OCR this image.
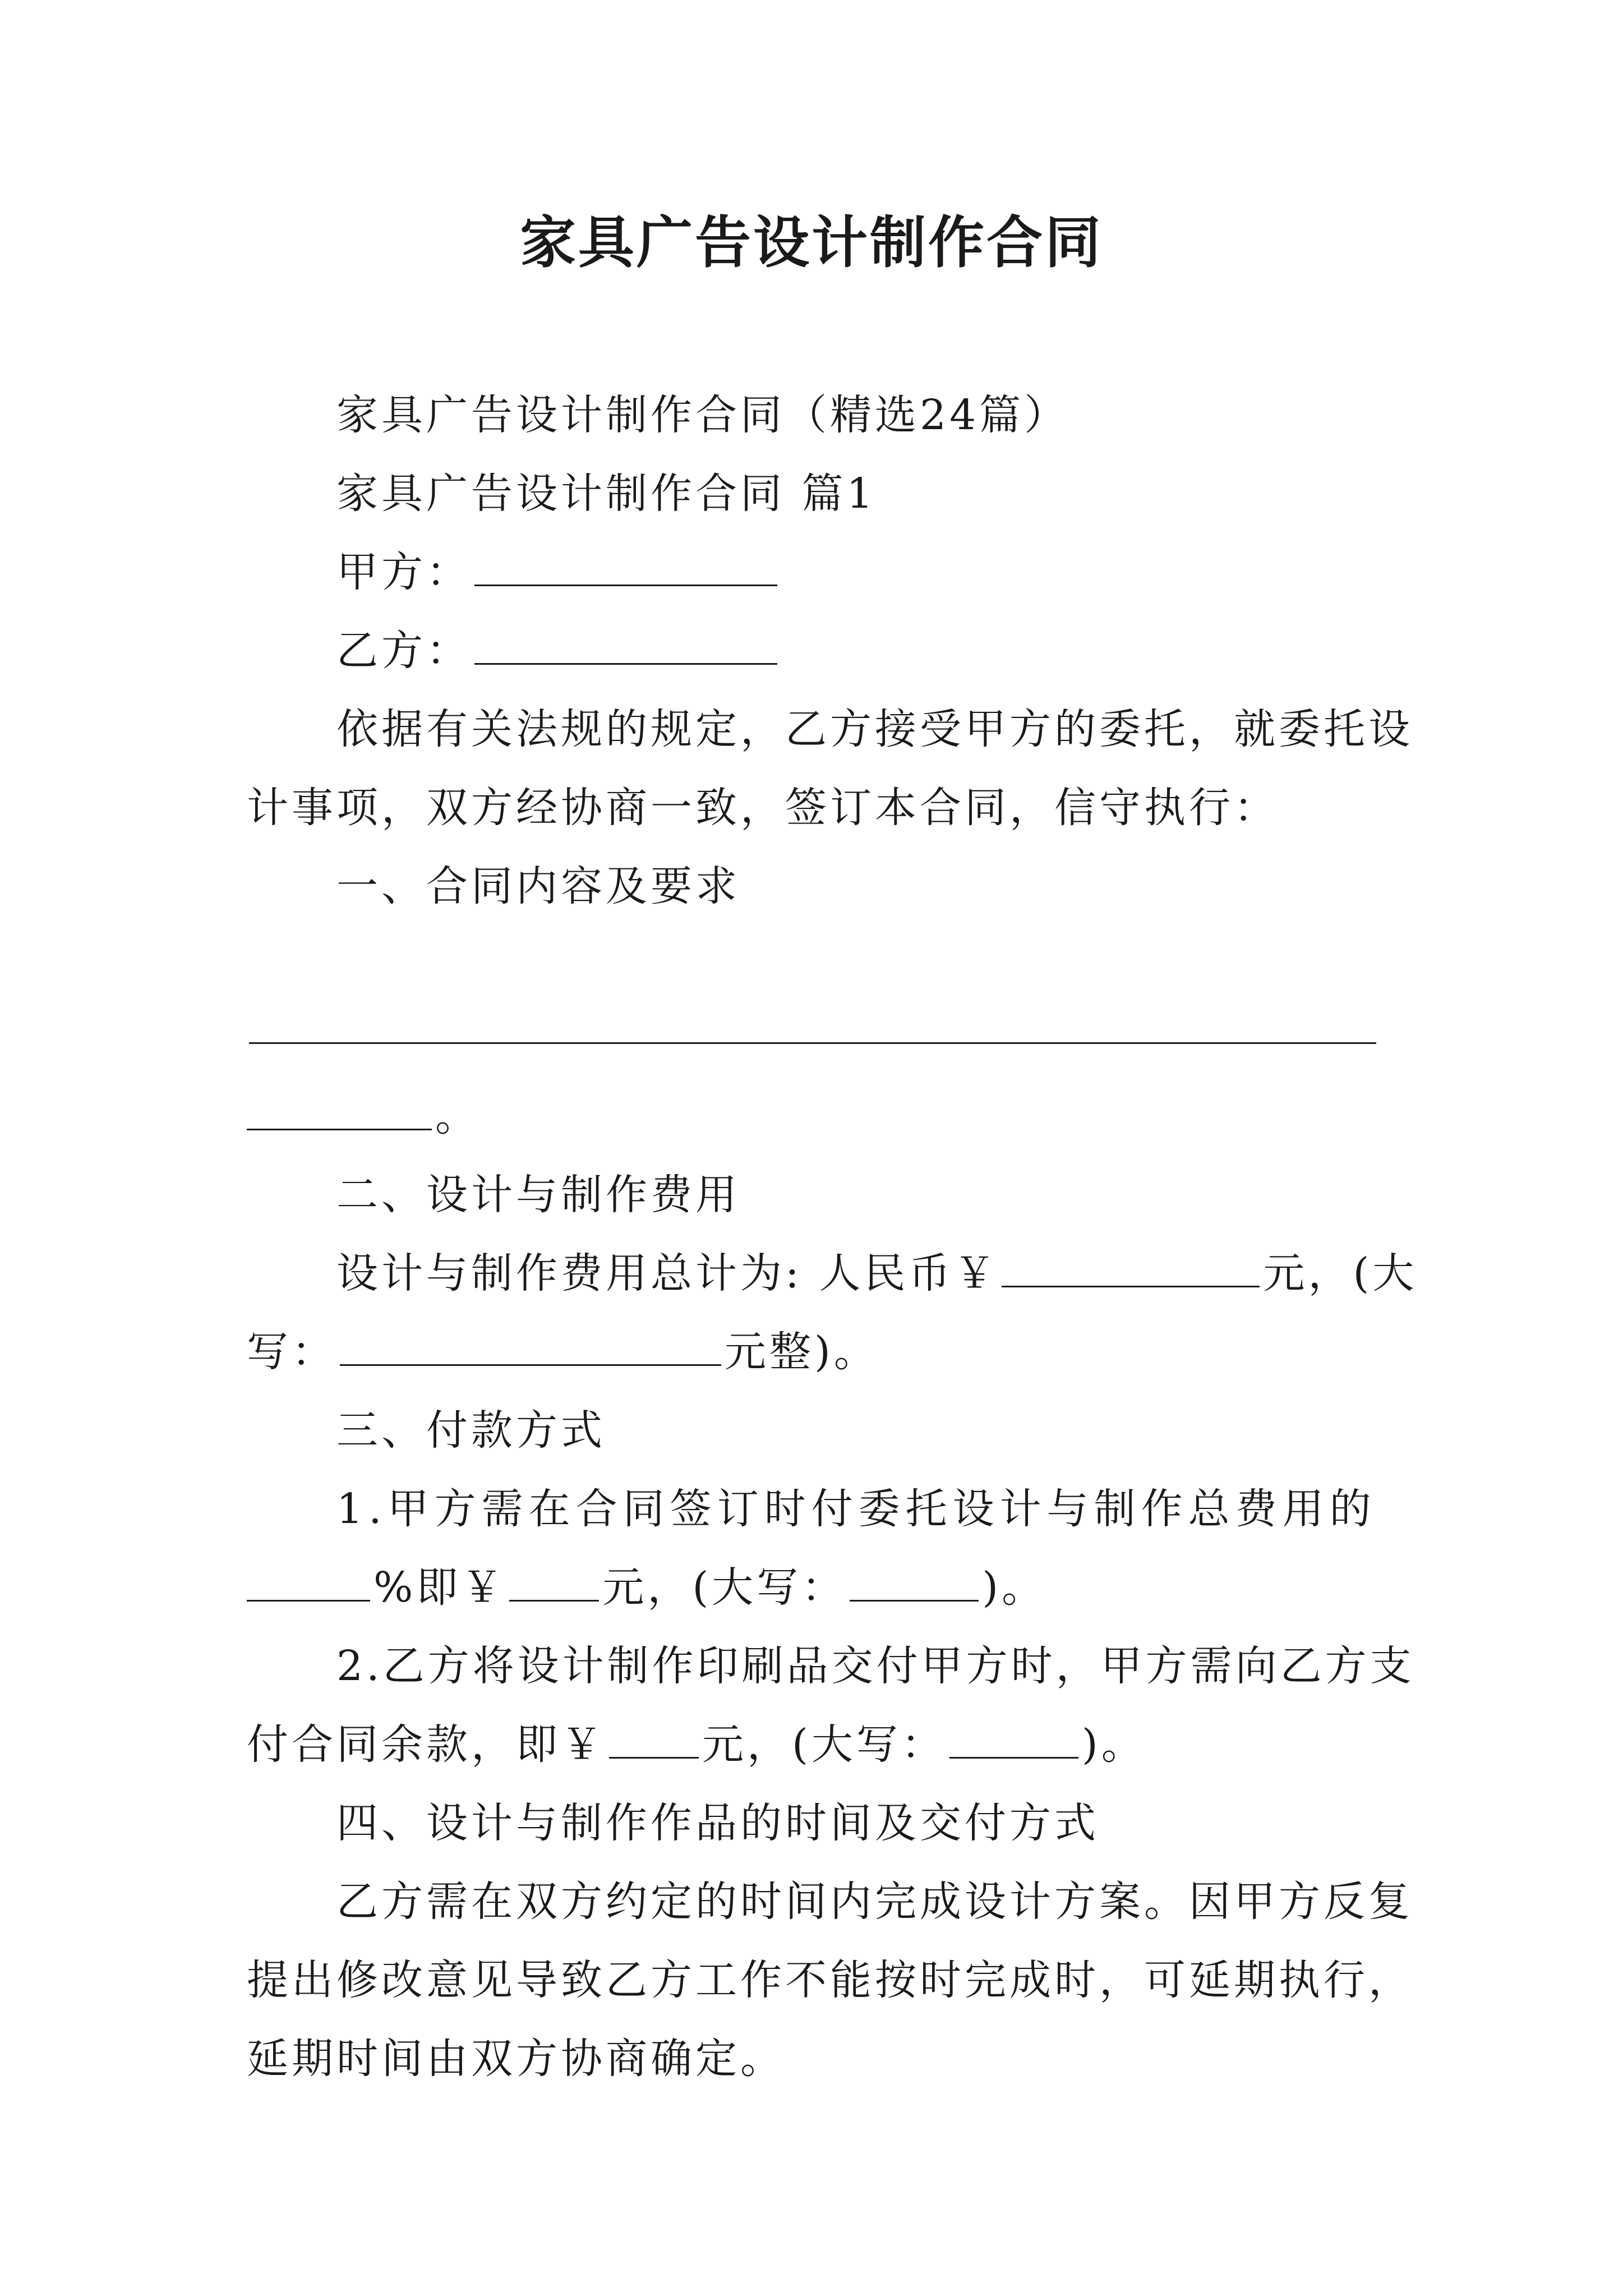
家具广告设计制作合同
家具广告设计制作合同（精选24篇）
家具广告设计制作合同 篇1
甲方：
乙方：
依据有关法规的规定，乙方接受甲方的委托，就委托设
计事项，双方经协商一致，签订本合同，信守执行：
一、合同内容及要求
。
二、设计与制作费用
设计与制作费用总计为: 人民币￥	元，(大
写：	元整)。
三、付款方式
1.甲方需在合同签订时付委托设计与制作总费用的
%即￥ 元，(大写：	)。
2.乙方将设计制作印刷品交付甲方时，甲方需向乙方支
付合同余款，即￥ 元，(大写：	)。
四、设计与制作作品的时间及交付方式
乙方需在双方约定的时间内完成设计方案。因甲方反复
提出修改意见导致乙方工作不能按时完成时，可延期执行，
延期时间由双方协商确定。
